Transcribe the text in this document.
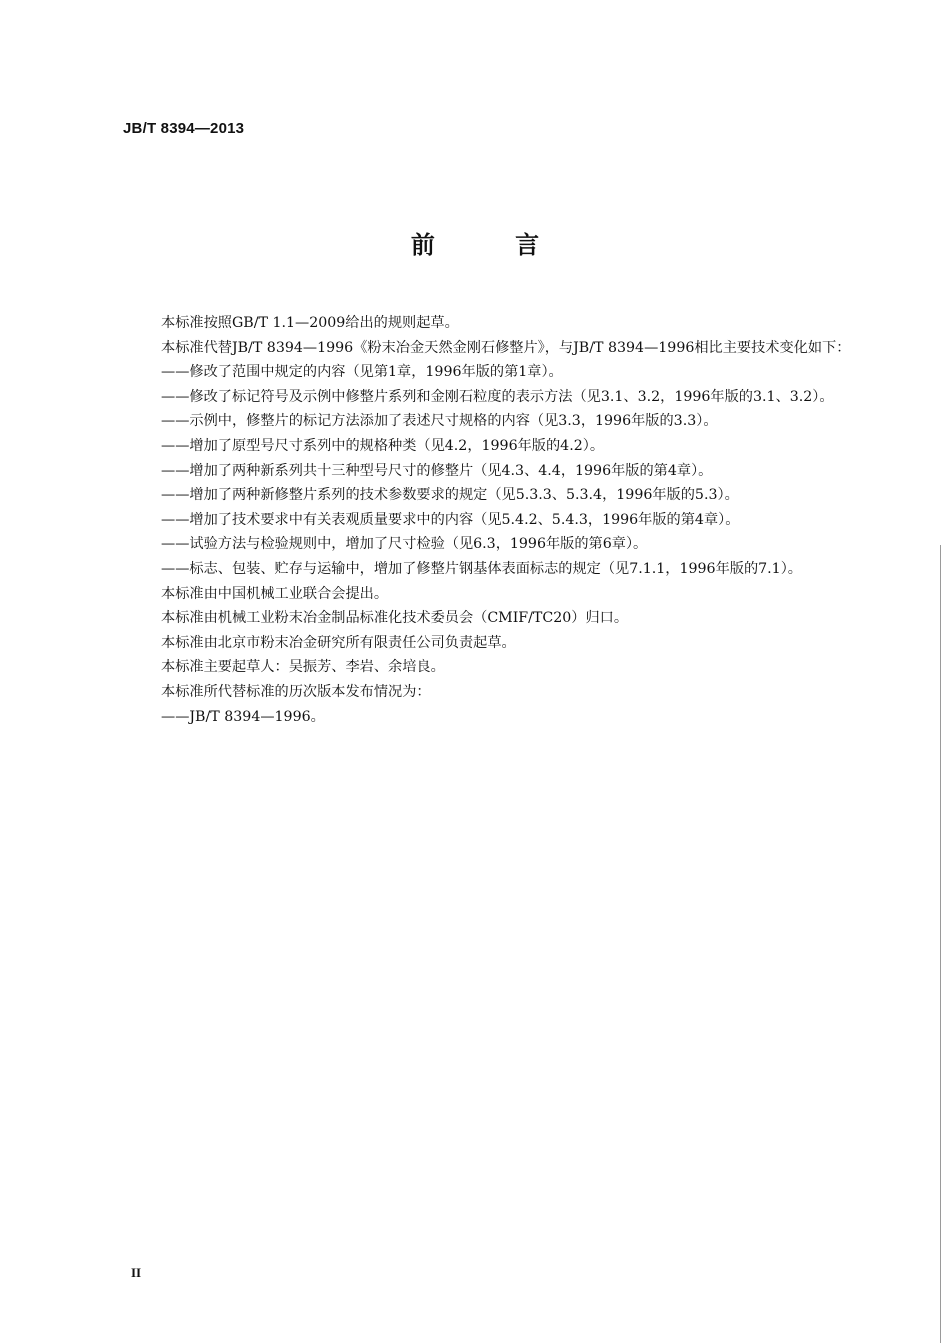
JB/T 8394—2013
前 言

本标准按照GB/T 1.1—2009给出的规则起草。

本标准代替JB/T 8394—1996《粉末冶金天然金刚石修整片》，与JB/T 8394—1996相比主要技术变化如下：

——修改了范围中规定的内容（见第1章，1996年版的第1章）。

——修改了标记符号及示例中修整片系列和金刚石粒度的表示方法（见3.1、3.2，1996年版的3.1、3.2）。

——示例中，修整片的标记方法添加了表述尺寸规格的内容（见3.3，1996年版的3.3）。

——增加了原型号尺寸系列中的规格种类（见4.2，1996年版的4.2）。

——增加了两种新系列共十三种型号尺寸的修整片（见4.3、4.4，1996年版的第4章）。

——增加了两种新修整片系列的技术参数要求的规定（见5.3.3、5.3.4，1996年版的5.3）。

——增加了技术要求中有关表观质量要求中的内容（见5.4.2、5.4.3，1996年版的第4章）。

——试验方法与检验规则中，增加了尺寸检验（见6.3，1996年版的第6章）。

——标志、包装、贮存与运输中，增加了修整片钢基体表面标志的规定（见7.1.1，1996年版的7.1）。

本标准由中国机械工业联合会提出。

本标准由机械工业粉末冶金制品标准化技术委员会（CMIF/TC20）归口。

本标准由北京市粉末冶金研究所有限责任公司负责起草。

本标准主要起草人：吴振芳、李岩、余培良。

本标准所代替标准的历次版本发布情况为：

——JB/T 8394—1996。

II
